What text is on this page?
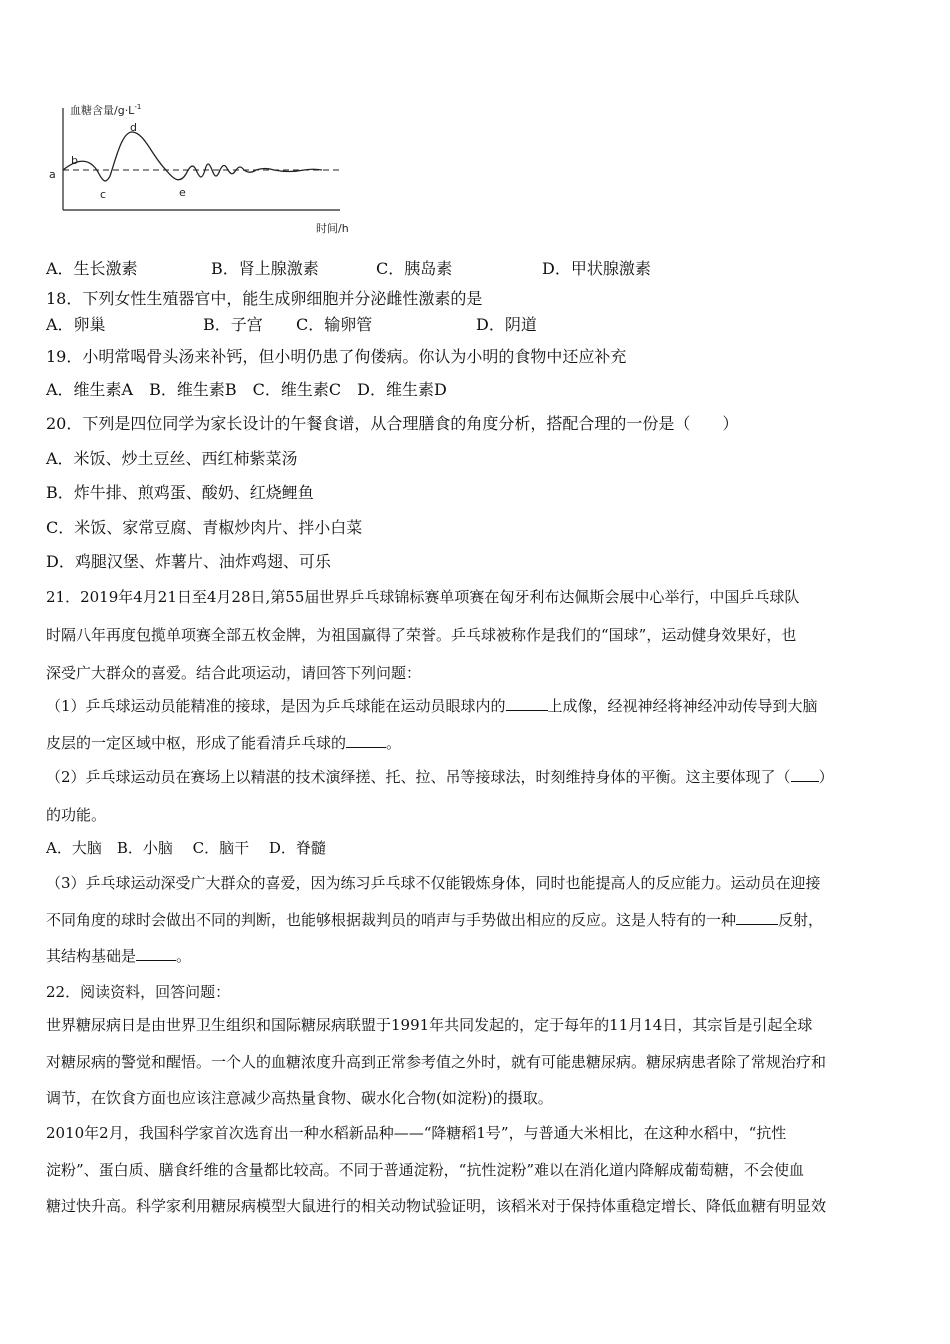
血糖含量$/g\cdot L^{-1}$
时间/h
a
b
c
d
e
A．生长激素	B．肾上腺激素	C．胰岛素	D．甲状腺激素
18．下列女性生殖器官中，能生成卵细胞并分泌雌性激素的是
A．卵巢	B．子宫 C．输卵管	D．阴道
19．小明常喝骨头汤来补钙，但小明仍患了佝偻病。你认为小明的食物中还应补充
A．维生素A　B．维生素B　C．维生素C　D．维生素D
20．下列是四位同学为家长设计的午餐食谱，从合理膳食的角度分析，搭配合理的一份是（　　）
A．米饭、炒土豆丝、西红柿紫菜汤
B．炸牛排、煎鸡蛋、酸奶、红烧鲤鱼
C．米饭、家常豆腐、青椒炒肉片、拌小白菜
D．鸡腿汉堡、炸薯片、油炸鸡翅、可乐
21．2019年4月21日至4月28日,第55届世界乒乓球锦标赛单项赛在匈牙利布达佩斯会展中心举行，中国乒乓球队
时隔八年再度包揽单项赛全部五枚金牌，为祖国赢得了荣誉。乒乓球被称作是我们的“国球”，运动健身效果好，也
深受广大群众的喜爱。结合此项运动，请回答下列问题：
（1）乒乓球运动员能精准的接球，是因为乒乓球能在运动员眼球内的	上成像，经视神经将神经冲动传导到大脑
皮层的一定区域中枢，形成了能看清乒乓球的	。
（2）乒乓球运动员在赛场上以精湛的技术演绎搓、托、拉、吊等接球法，时刻维持身体的平衡。这主要体现了（ ）
的功能。
A．大脑　B．小脑　 C．脑干　 D．脊髓
（3）乒乓球运动深受广大群众的喜爱，因为练习乒乓球不仅能锻炼身体，同时也能提高人的反应能力。运动员在迎接
不同角度的球时会做出不同的判断，也能够根据裁判员的哨声与手势做出相应的反应。这是人特有的一种	反射，
其结构基础是	。
22．阅读资料，回答问题：
世界糖尿病日是由世界卫生组织和国际糖尿病联盟于1991年共同发起的，定于每年的11月14日，其宗旨是引起全球
对糖尿病的警觉和醒悟。一个人的血糖浓度升高到正常参考值之外时，就有可能患糖尿病。糖尿病患者除了常规治疗和
调节，在饮食方面也应该注意减少高热量食物、碳水化合物(如淀粉)的摄取。
2010年2月，我国科学家首次选育出一种水稻新品种——“降糖稻1号”，与普通大米相比，在这种水稻中，“抗性
淀粉”、蛋白质、膳食纤维的含量都比较高。不同于普通淀粉，“抗性淀粉”难以在消化道内降解成葡萄糖，不会使血
糖过快升高。科学家利用糖尿病模型大鼠进行的相关动物试验证明，该稻米对于保持体重稳定增长、降低血糖有明显效
